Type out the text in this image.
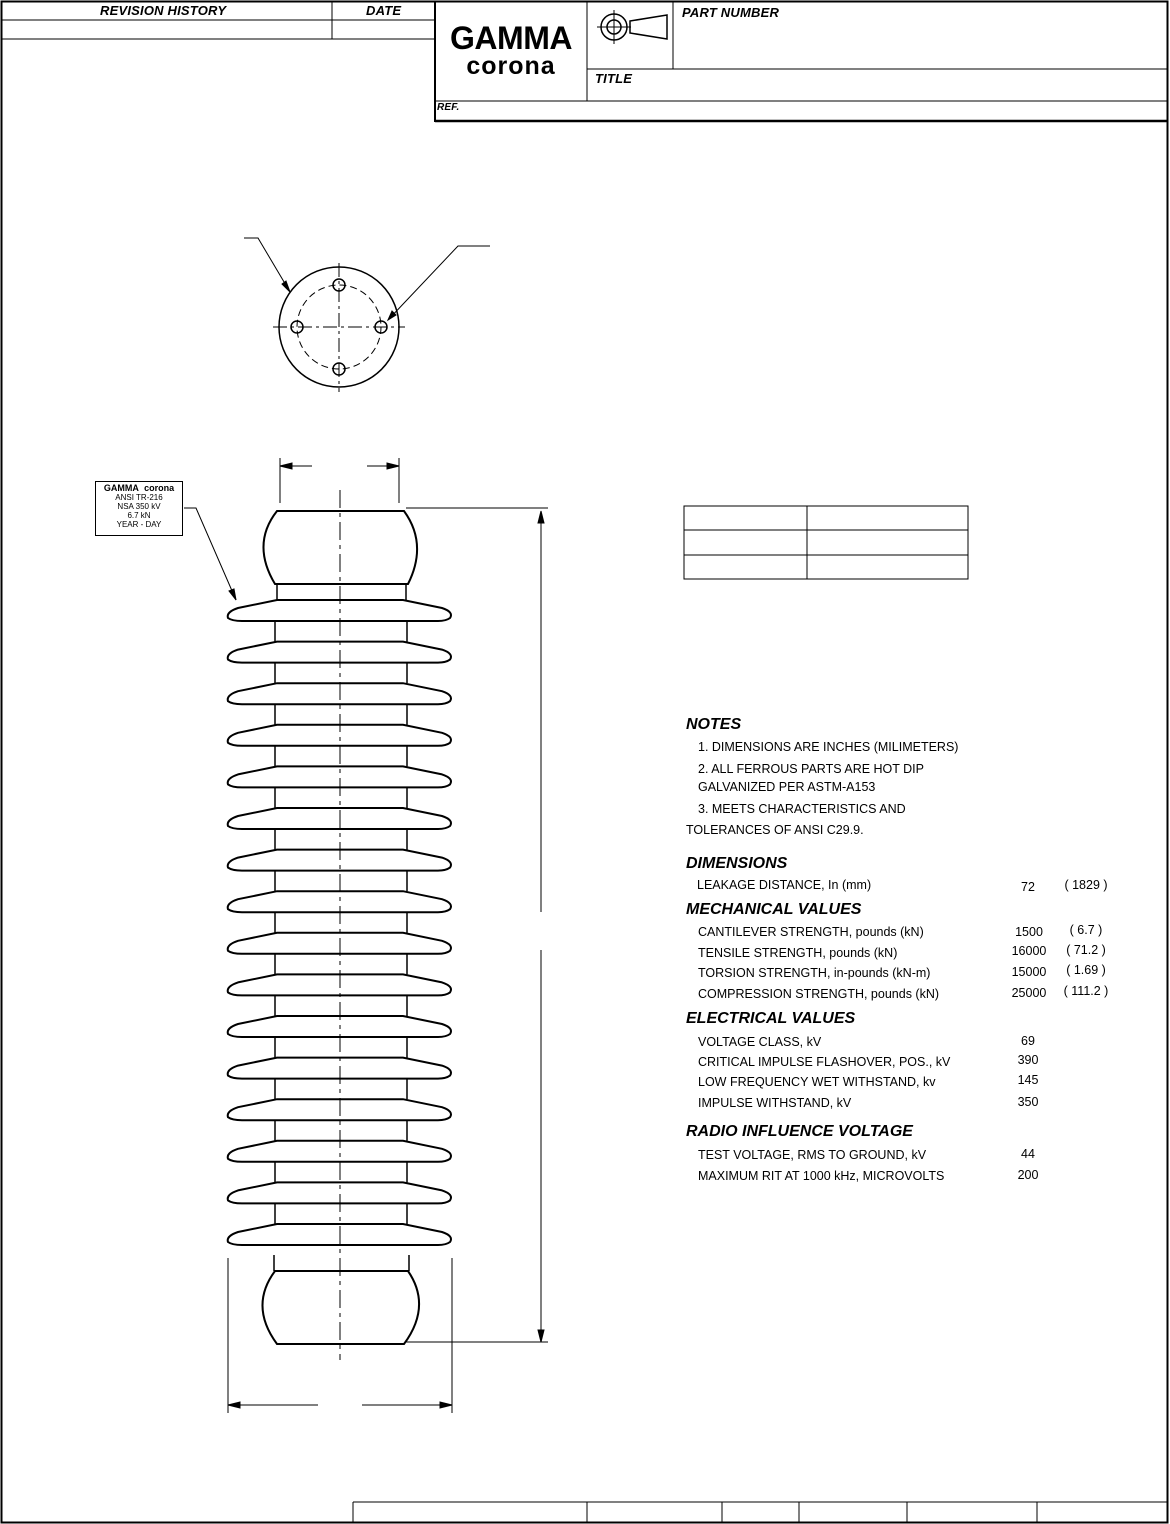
REVISION HISTORY	DATE
GAMMA
corona
PART NUMBER
TITLE
REF.
GAMMA corona
ANSI TR-216
NSA 350 kV
6.7 kN
YEAR - DAY
NOTES
1. DIMENSIONS ARE INCHES (MILIMETERS)
2. ALL FERROUS PARTS ARE HOT DIP
GALVANIZED PER ASTM-A153
3. MEETS CHARACTERISTICS AND
TOLERANCES OF ANSI C29.9.
DIMENSIONS
LEAKAGE DISTANCE, In (mm)	72	( 1829 )
MECHANICAL VALUES
CANTILEVER STRENGTH, pounds (kN)	1500	( 6.7 )
TENSILE STRENGTH, pounds (kN)	16000	( 71.2 )
TORSION STRENGTH, in-pounds (kN-m)	15000	( 1.69 )
COMPRESSION STRENGTH, pounds (kN)	25000	( 111.2 )
ELECTRICAL VALUES
VOLTAGE CLASS, kV	69
CRITICAL IMPULSE FLASHOVER, POS., kV	390
LOW FREQUENCY WET WITHSTAND, kv	145
IMPULSE WITHSTAND, kV	350
RADIO INFLUENCE VOLTAGE
TEST VOLTAGE, RMS TO GROUND, kV	44
MAXIMUM RIT AT 1000 kHz, MICROVOLTS	200
